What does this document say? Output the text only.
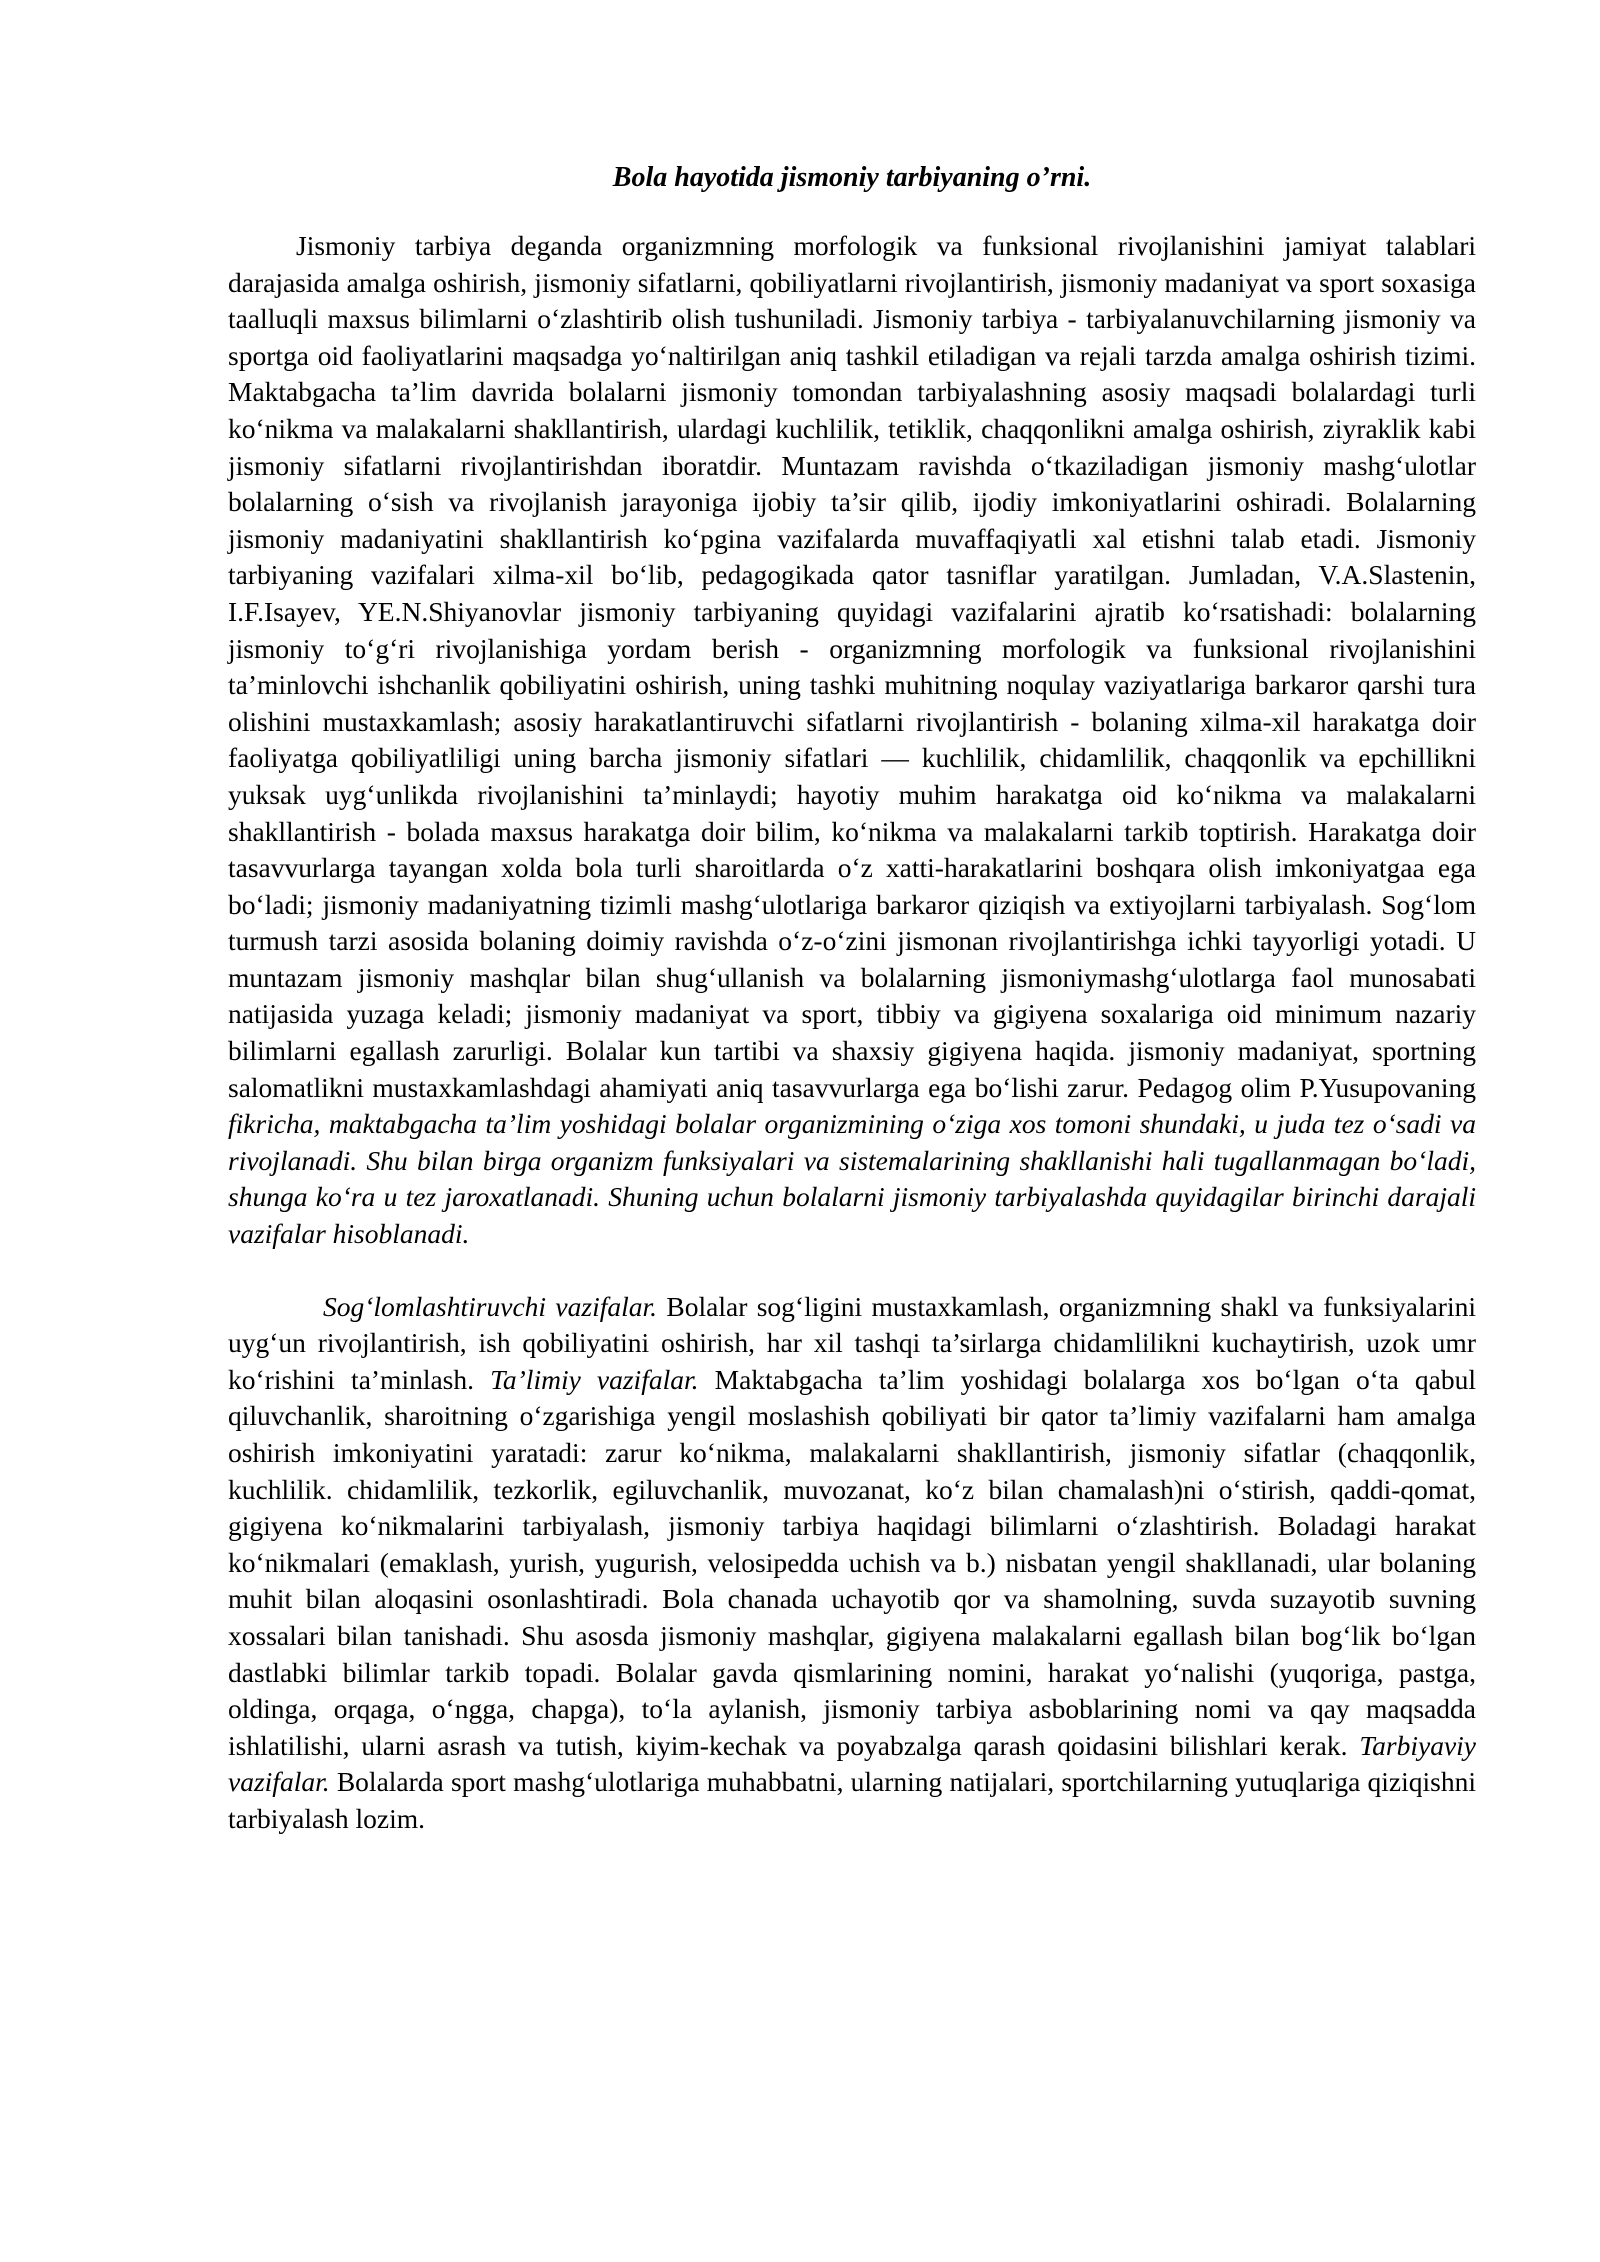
Bola hayotida jismoniy tarbiyaning o’rni.

Jismoniy tarbiya deganda organizmning morfologik va funksional rivojlanishini jamiyat talablari darajasida amalga oshirish, jismoniy sifatlarni, qobiliyatlarni rivojlantirish, jismoniy madaniyat va sport soxasiga taalluqli maxsus bilimlarni o‘zlashtirib olish tushuniladi. Jismoniy tarbiya - tarbiyalanuvchilarning jismoniy va sportga oid faoliyatlarini maqsadga yo‘naltirilgan aniq tashkil etiladigan va rejali tarzda amalga oshirish tizimi. Maktabgacha ta’lim davrida bolalarni jismoniy tomondan tarbiyalashning asosiy maqsadi bolalardagi turli ko‘nikma va malakalarni shakllantirish, ulardagi kuchlilik, tetiklik, chaqqonlikni amalga oshirish, ziyraklik kabi jismoniy sifatlarni rivojlantirishdan iboratdir. Muntazam ravishda o‘tkaziladigan jismoniy mashg‘ulotlar bolalarning o‘sish va rivojlanish jarayoniga ijobiy ta’sir qilib, ijodiy imkoniyatlarini oshiradi. Bolalarning jismoniy madaniyatini shakllantirish ko‘pgina vazifalarda muvaffaqiyatli xal etishni talab etadi. Jismoniy tarbiyaning vazifalari xilma-xil bo‘lib, pedagogikada qator tasniflar yaratilgan. Jumladan, V.A.Slastenin, I.F.Isayev, YE.N.Shiyanovlar jismoniy tarbiyaning quyidagi vazifalarini ajratib ko‘rsatishadi: bolalarning jismoniy to‘g‘ri rivojlanishiga yordam berish - organizmning morfologik va funksional rivojlanishini ta’minlovchi ishchanlik qobiliyatini oshirish, uning tashki muhitning noqulay vaziyatlariga barkaror qarshi tura olishini mustaxkamlash; asosiy harakatlantiruvchi sifatlarni rivojlantirish - bolaning xilma-xil harakatga doir faoliyatga qobiliyatliligi uning barcha jismoniy sifatlari — kuchlilik, chidamlilik, chaqqonlik va epchillikni yuksak uyg‘unlikda rivojlanishini ta’minlaydi; hayotiy muhim harakatga oid ko‘nikma va malakalarni shakllantirish - bolada maxsus harakatga doir bilim, ko‘nikma va malakalarni tarkib toptirish. Harakatga doir tasavvurlarga tayangan xolda bola turli sharoitlarda o‘z xatti-harakatlarini boshqara olish imkoniyatgaa ega bo‘ladi; jismoniy madaniyatning tizimli mashg‘ulotlariga barkaror qiziqish va extiyojlarni tarbiyalash. Sog‘lom turmush tarzi asosida bolaning doimiy ravishda o‘z-o‘zini jismonan rivojlantirishga ichki tayyorligi yotadi. U muntazam jismoniy mashqlar bilan shug‘ullanish va bolalarning jismoniymashg‘ulotlarga faol munosabati natijasida yuzaga keladi; jismoniy madaniyat va sport, tibbiy va gigiyena soxalariga oid minimum nazariy bilimlarni egallash zarurligi. Bolalar kun tartibi va shaxsiy gigiyena haqida. jismoniy madaniyat, sportning salomatlikni mustaxkamlashdagi ahamiyati aniq tasavvurlarga ega bo‘lishi zarur. Pedagog olim P.Yusupovaning fikricha, maktabgacha ta’lim yoshidagi bolalar organizmining o‘ziga xos tomoni shundaki, u juda tez o‘sadi va rivojlanadi. Shu bilan birga organizm funksiyalari va sistemalarining shakllanishi hali tugallanmagan bo‘ladi, shunga ko‘ra u tez jaroxatlanadi. Shuning uchun bolalarni jismoniy tarbiyalashda quyidagilar birinchi darajali vazifalar hisoblanadi.

Sog‘lomlashtiruvchi vazifalar. Bolalar sog‘ligini mustaxkamlash, organizmning shakl va funksiyalarini uyg‘un rivojlantirish, ish qobiliyatini oshirish, har xil tashqi ta’sirlarga chidamlilikni kuchaytirish, uzok umr ko‘rishini ta’minlash. Ta’limiy vazifalar. Maktabgacha ta’lim yoshidagi bolalarga xos bo‘lgan o‘ta qabul qiluvchanlik, sharoitning o‘zgarishiga yengil moslashish qobiliyati bir qator ta’limiy vazifalarni ham amalga oshirish imkoniyatini yaratadi: zarur ko‘nikma, malakalarni shakllantirish, jismoniy sifatlar (chaqqonlik, kuchlilik. chidamlilik, tezkorlik, egiluvchanlik, muvozanat, ko‘z bilan chamalash)ni o‘stirish, qaddi-qomat, gigiyena ko‘nikmalarini tarbiyalash, jismoniy tarbiya haqidagi bilimlarni o‘zlashtirish. Boladagi harakat ko‘nikmalari (emaklash, yurish, yugurish, velosipedda uchish va b.) nisbatan yengil shakllanadi, ular bolaning muhit bilan aloqasini osonlashtiradi. Bola chanada uchayotib qor va shamolning, suvda suzayotib suvning xossalari bilan tanishadi. Shu asosda jismoniy mashqlar, gigiyena malakalarni egallash bilan bog‘lik bo‘lgan dastlabki bilimlar tarkib topadi. Bolalar gavda qismlarining nomini, harakat yo‘nalishi (yuqoriga, pastga, oldinga, orqaga, o‘ngga, chapga), to‘la aylanish, jismoniy tarbiya asboblarining nomi va qay maqsadda ishlatilishi, ularni asrash va tutish, kiyim-kechak va poyabzalga qarash qoidasini bilishlari kerak. Tarbiyaviy vazifalar. Bolalarda sport mashg‘ulotlariga muhabbatni, ularning natijalari, sportchilarning yutuqlariga qiziqishni tarbiyalash lozim.
